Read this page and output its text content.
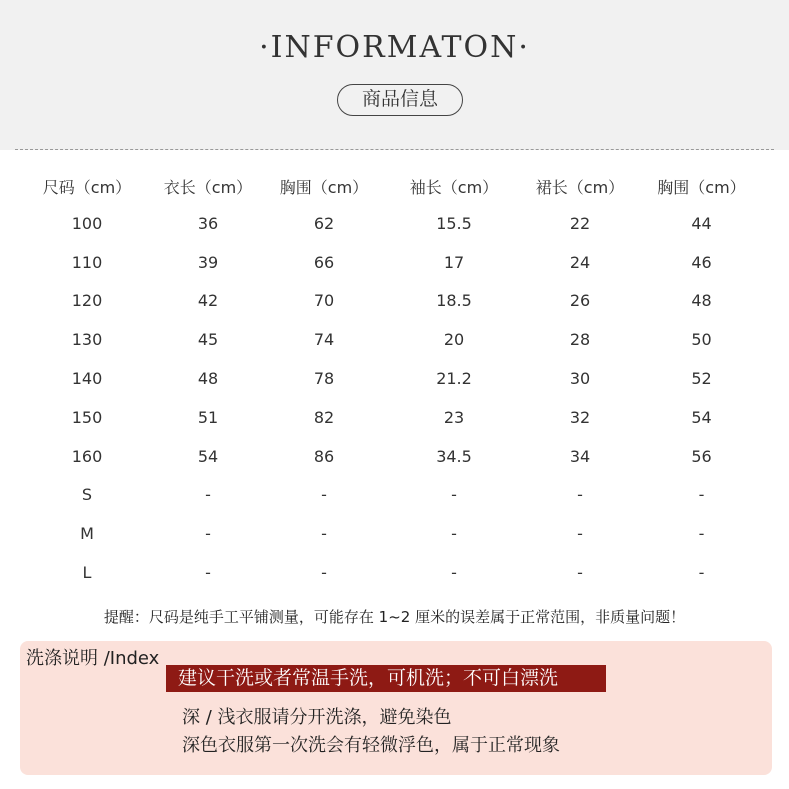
·INFORMATON·
商品信息
尺码（cm）	衣长（cm）	胸围（cm）	袖长（cm）	裙长（cm）	胸围（cm）
100	36	62	15.5	22	44
110	39	66	17	24	46
120	42	70	18.5	26	48
130	45	74	20	28	50
140	48	78	21.2	30	52
150	51	82	23	32	54
160	54	86	34.5	34	56
S	-	-	-	-	-
M	-	-	-	-	-
L	-	-	-	-	-
提醒：尺码是纯手工平铺测量，可能存在 1~2 厘米的误差属于正常范围，非质量问题！
洗涤说明 /Index
建议干洗或者常温手洗，可机洗；不可白漂洗
深 / 浅衣服请分开洗涤，避免染色
深色衣服第一次洗会有轻微浮色，属于正常现象
